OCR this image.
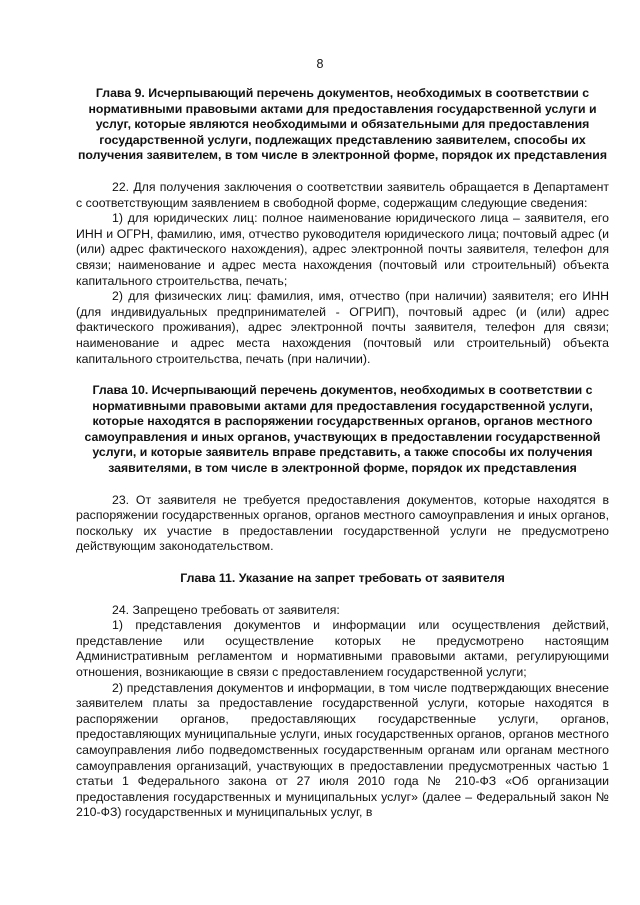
8

Глава 9. Исчерпывающий перечень документов, необходимых в соответствии с нормативными правовыми актами для предоставления государственной услуги и услуг, которые являются необходимыми и обязательными для предоставления государственной услуги, подлежащих представлению заявителем, способы их получения заявителем, в том числе в электронной форме, порядок их представления

22. Для получения заключения о соответствии заявитель обращается в Департамент с соответствующим заявлением в свободной форме, содержащим следующие сведения:

1) для юридических лиц: полное наименование юридического лица – заявителя, его ИНН и ОГРН, фамилию, имя, отчество руководителя юридического лица; почтовый адрес (и (или) адрес фактического нахождения), адрес электронной почты заявителя, телефон для связи; наименование и адрес места нахождения (почтовый или строительный) объекта капитального строительства, печать;

2) для физических лиц: фамилия, имя, отчество (при наличии) заявителя; его ИНН (для индивидуальных предпринимателей - ОГРИП), почтовый адрес (и (или) адрес фактического проживания), адрес электронной почты заявителя, телефон для связи; наименование и адрес места нахождения (почтовый или строительный) объекта капитального строительства, печать (при наличии).

Глава 10. Исчерпывающий перечень документов, необходимых в соответствии с нормативными правовыми актами для предоставления государственной услуги, которые находятся в распоряжении государственных органов, органов местного самоуправления и иных органов, участвующих в предоставлении государственной услуги, и которые заявитель вправе представить, а также способы их получения заявителями, в том числе в электронной форме, порядок их представления

23. От заявителя не требуется предоставления документов, которые находятся в распоряжении государственных органов, органов местного самоуправления и иных органов, поскольку их участие в предоставлении государственной услуги не предусмотрено действующим законодательством.

Глава 11. Указание на запрет требовать от заявителя

24. Запрещено требовать от заявителя:

1) представления документов и информации или осуществления действий, представление или осуществление которых не предусмотрено настоящим Административным регламентом и нормативными правовыми актами, регулирующими отношения, возникающие в связи с предоставлением государственной услуги;

2) представления документов и информации, в том числе подтверждающих внесение заявителем платы за предоставление государственной услуги, которые находятся в распоряжении органов, предоставляющих государственные услуги, органов, предоставляющих муниципальные услуги, иных государственных органов, органов местного самоуправления либо подведомственных государственным органам или органам местного самоуправления организаций, участвующих в предоставлении предусмотренных частью 1 статьи 1 Федерального закона от 27 июля 2010 года № 210-ФЗ «Об организации предоставления государственных и муниципальных услуг» (далее – Федеральный закон № 210-ФЗ) государственных и муниципальных услуг, в
